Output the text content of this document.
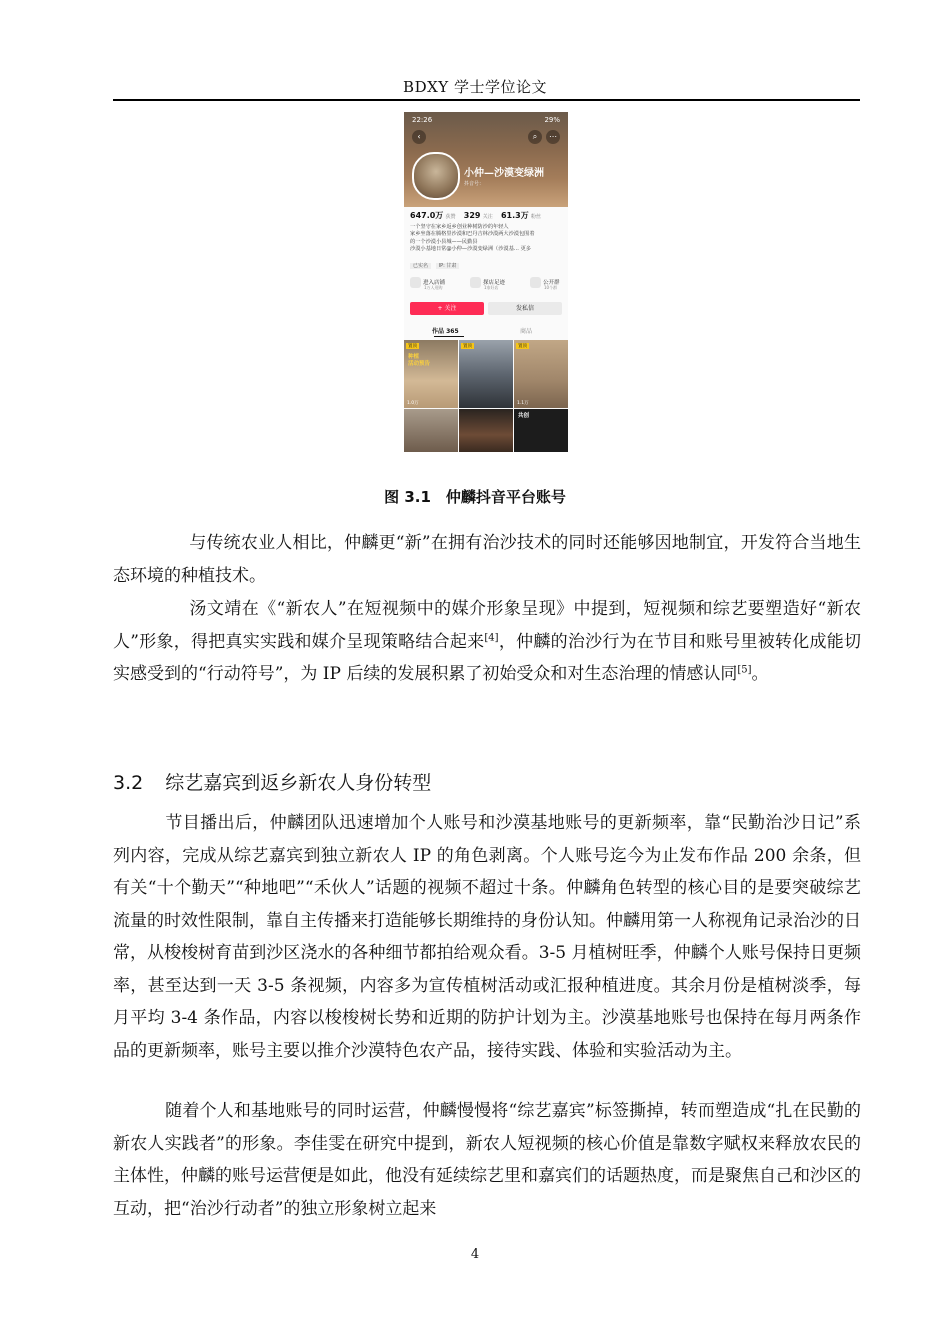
BDXY 学士学位论文
22:26	29%
‹	⌕	⋯
小仲—沙漠变绿洲
抖音号：
647.0万 获赞 329 关注 61.3万 粉丝
一个坚守在家乡返乡创业种树防沙的年轻人
家乡坐落在腾格里沙漠和巴丹吉林沙漠两大沙漠包围着
的一个沙漠小县城——民勤县
沙漠小基地日常@小仲—沙漠变绿洲（沙漠基… 更多
已实名 IP: 甘肃
进入店铺
1万人逛购
探店足迹
1家好店
公开群
10个群
+ 关注	发私信
作品 365	商品
置顶
种植
活动预告
1.0万
置顶	置顶
1.1万
共创
图 3.1　仲麟抖音平台账号

与传统农业人相比，仲麟更“新”在拥有治沙技术的同时还能够因地制宜，开发符合当地生态环境的种植技术。

汤文靖在《“新农人”在短视频中的媒介形象呈现》中提到，短视频和综艺要塑造好“新农人”形象，得把真实实践和媒介呈现策略结合起来[4]，仲麟的治沙行为在节目和账号里被转化成能切实感受到的“行动符号”，为 IP 后续的发展积累了初始受众和对生态治理的情感认同[5]。

3.2 综艺嘉宾到返乡新农人身份转型

节目播出后，仲麟团队迅速增加个人账号和沙漠基地账号的更新频率，靠“民勤治沙日记”系列内容，完成从综艺嘉宾到独立新农人 IP 的角色剥离。个人账号迄今为止发布作品 200 余条，但有关“十个勤天”“种地吧”“禾伙人”话题的视频不超过十条。仲麟角色转型的核心目的是要突破综艺流量的时效性限制，靠自主传播来打造能够长期维持的身份认知。仲麟用第一人称视角记录治沙的日常，从梭梭树育苗到沙区浇水的各种细节都拍给观众看。3-5 月植树旺季，仲麟个人账号保持日更频率，甚至达到一天 3-5 条视频，内容多为宣传植树活动或汇报种植进度。其余月份是植树淡季，每月平均 3-4 条作品，内容以梭梭树长势和近期的防护计划为主。沙漠基地账号也保持在每月两条作品的更新频率，账号主要以推介沙漠特色农产品，接待实践、体验和实验活动为主。

随着个人和基地账号的同时运营，仲麟慢慢将“综艺嘉宾”标签撕掉，转而塑造成“扎在民勤的新农人实践者”的形象。李佳雯在研究中提到，新农人短视频的核心价值是靠数字赋权来释放农民的主体性，仲麟的账号运营便是如此，他没有延续综艺里和嘉宾们的话题热度，而是聚焦自己和沙区的互动，把“治沙行动者”的独立形象树立起来

4
